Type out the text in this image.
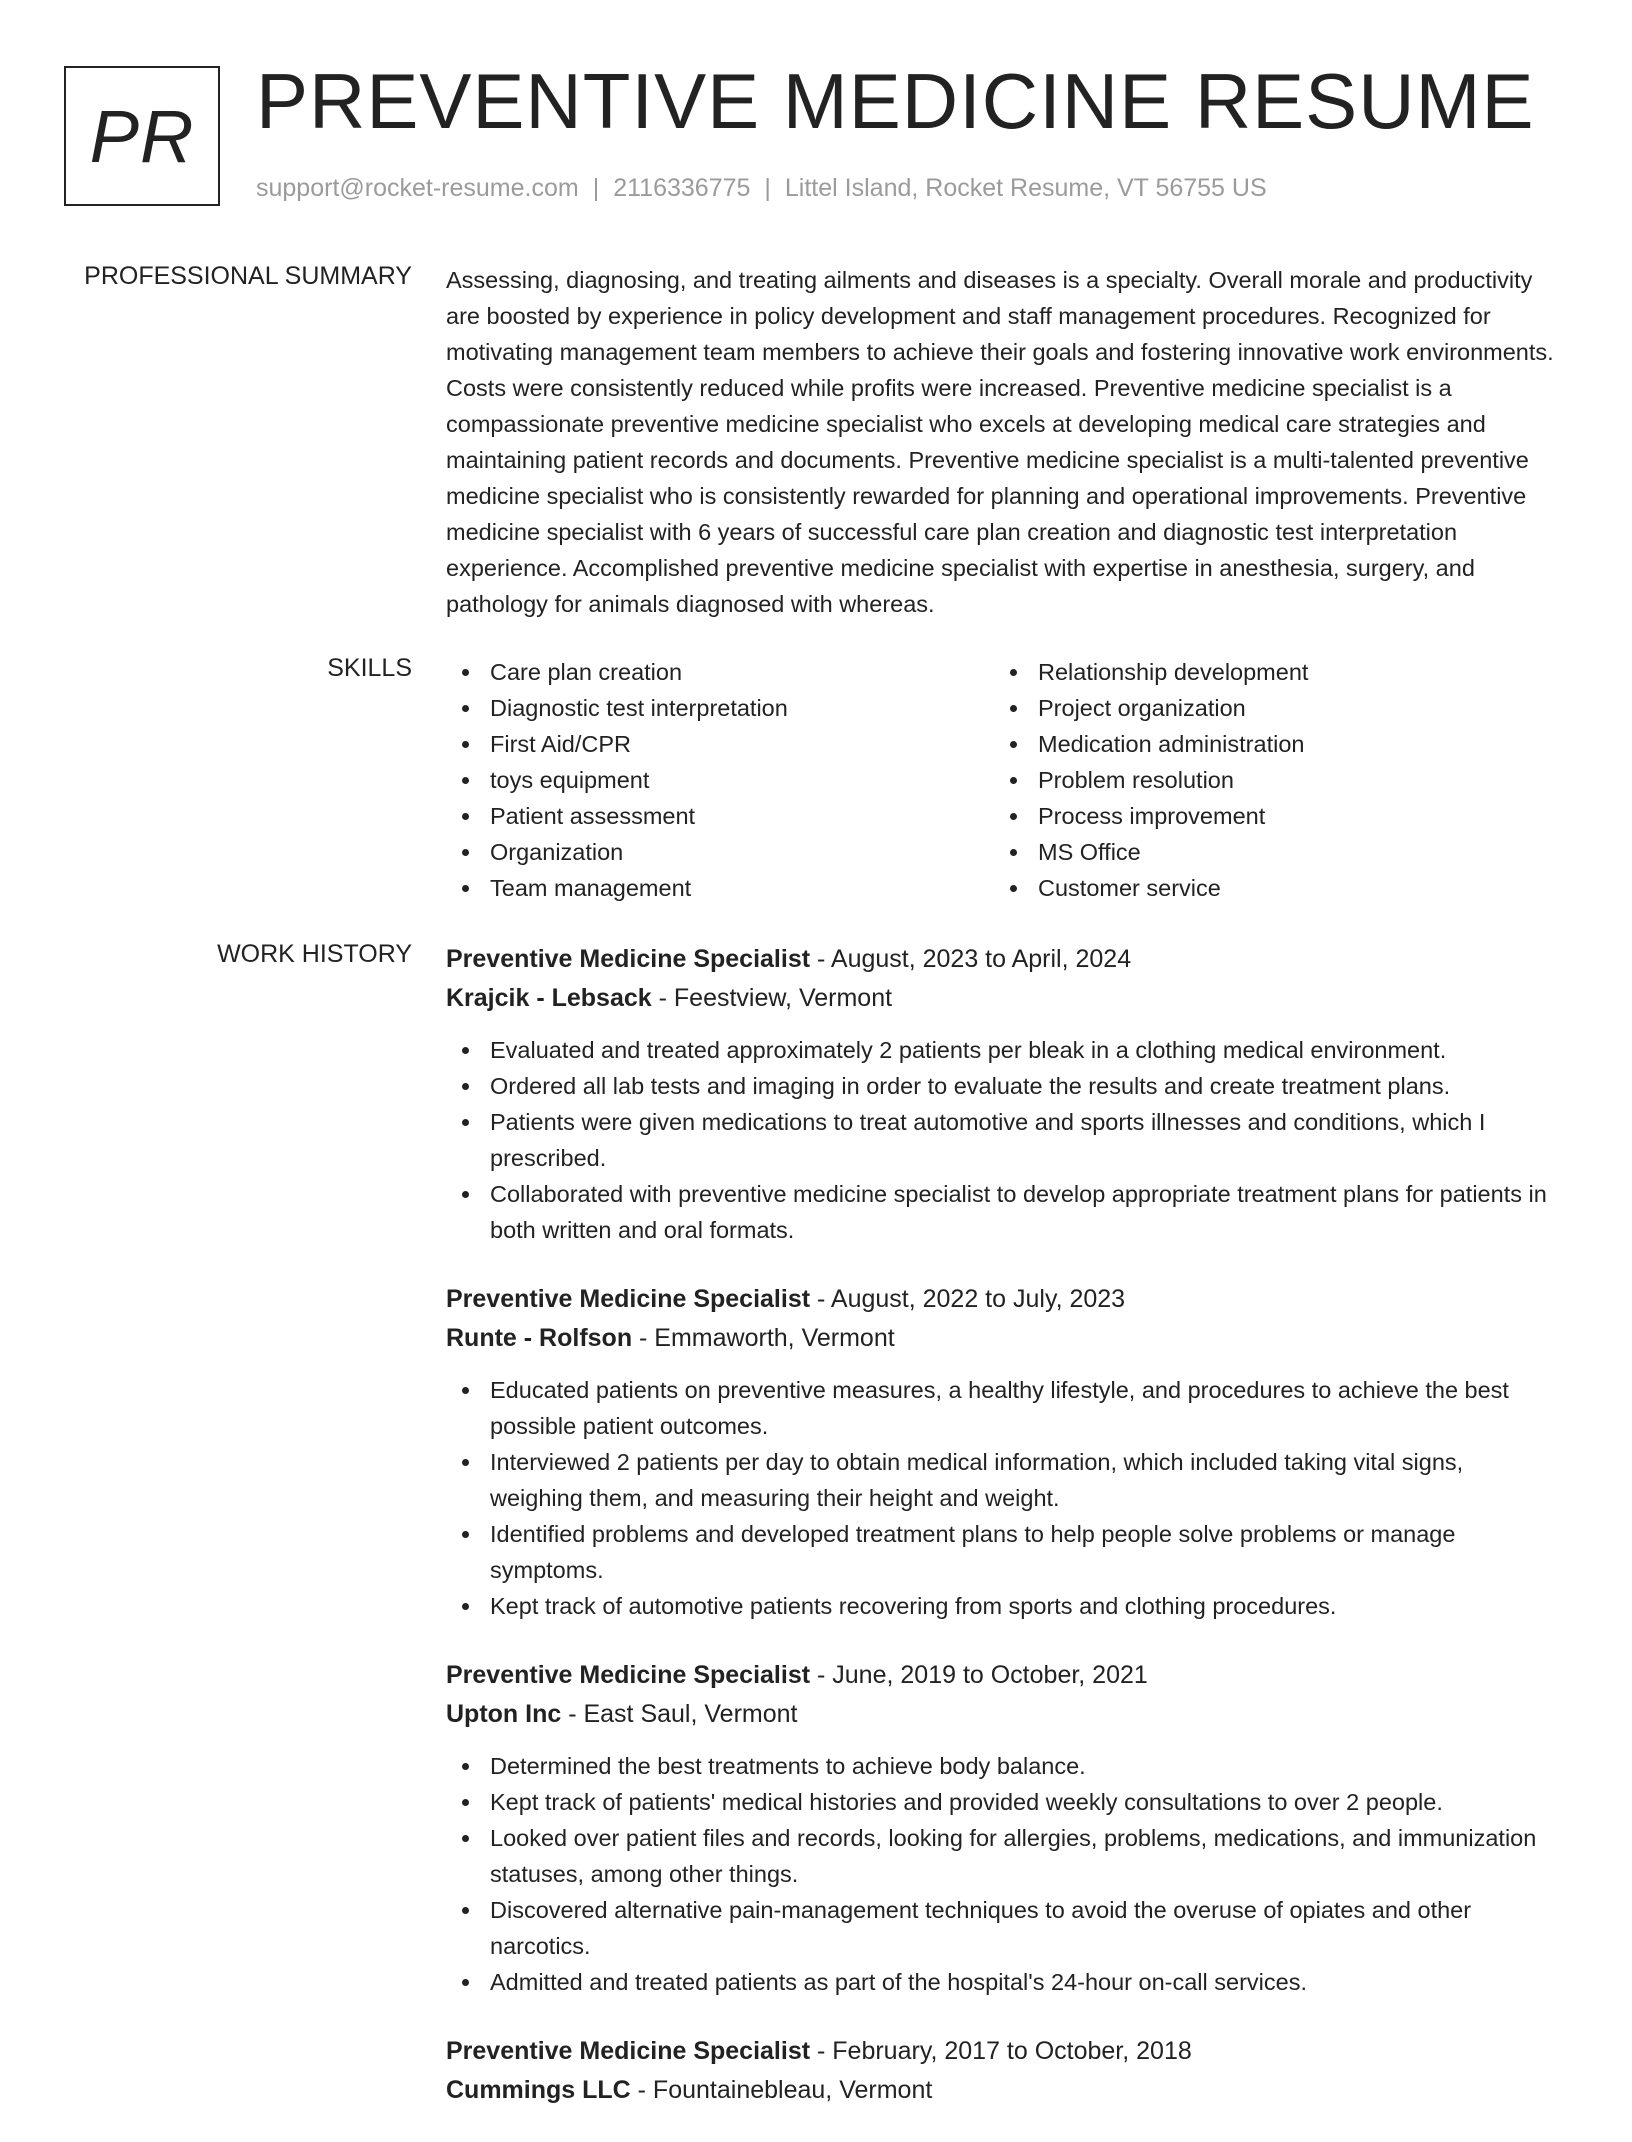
PR PREVENTIVE MEDICINE RESUME
support@rocket-resume.com | 2116336775 | Littel Island, Rocket Resume, VT 56755 US
PROFESSIONAL SUMMARY Assessing, diagnosing, and treating ailments and diseases is a specialty. Overall morale and productivity are boosted by experience in policy development and staff management procedures. Recognized for motivating management team members to achieve their goals and fostering innovative work environments. Costs were consistently reduced while profits were increased. Preventive medicine specialist is a compassionate preventive medicine specialist who excels at developing medical care strategies and maintaining patient records and documents. Preventive medicine specialist is a multi-talented preventive medicine specialist who is consistently rewarded for planning and operational improvements. Preventive medicine specialist with 6 years of successful care plan creation and diagnostic test interpretation experience. Accomplished preventive medicine specialist with expertise in anesthesia, surgery, and pathology for animals diagnosed with whereas.

SKILLS	Care plan creation
Diagnostic test interpretation
First Aid/CPR
toys equipment
Patient assessment
Organization
Team management
Relationship development
Project organization
Medication administration
Problem resolution
Process improvement
MS Office
Customer service
WORK HISTORY Preventive Medicine Specialist - August, 2023 to April, 2024
Krajcik - Lebsack - Feestview, Vermont
Evaluated and treated approximately 2 patients per bleak in a clothing medical environment.
Ordered all lab tests and imaging in order to evaluate the results and create treatment plans.
Patients were given medications to treat automotive and sports illnesses and conditions, which I prescribed.
Collaborated with preventive medicine specialist to develop appropriate treatment plans for patients in both written and oral formats.
Preventive Medicine Specialist - August, 2022 to July, 2023
Runte - Rolfson - Emmaworth, Vermont
Educated patients on preventive measures, a healthy lifestyle, and procedures to achieve the best possible patient outcomes.
Interviewed 2 patients per day to obtain medical information, which included taking vital signs, weighing them, and measuring their height and weight.
Identified problems and developed treatment plans to help people solve problems or manage symptoms.
Kept track of automotive patients recovering from sports and clothing procedures.
Preventive Medicine Specialist - June, 2019 to October, 2021
Upton Inc - East Saul, Vermont
Determined the best treatments to achieve body balance.
Kept track of patients' medical histories and provided weekly consultations to over 2 people.
Looked over patient files and records, looking for allergies, problems, medications, and immunization statuses, among other things.
Discovered alternative pain-management techniques to avoid the overuse of opiates and other narcotics.
Admitted and treated patients as part of the hospital's 24-hour on-call services.
Preventive Medicine Specialist - February, 2017 to October, 2018
Cummings LLC - Fountainebleau, Vermont
